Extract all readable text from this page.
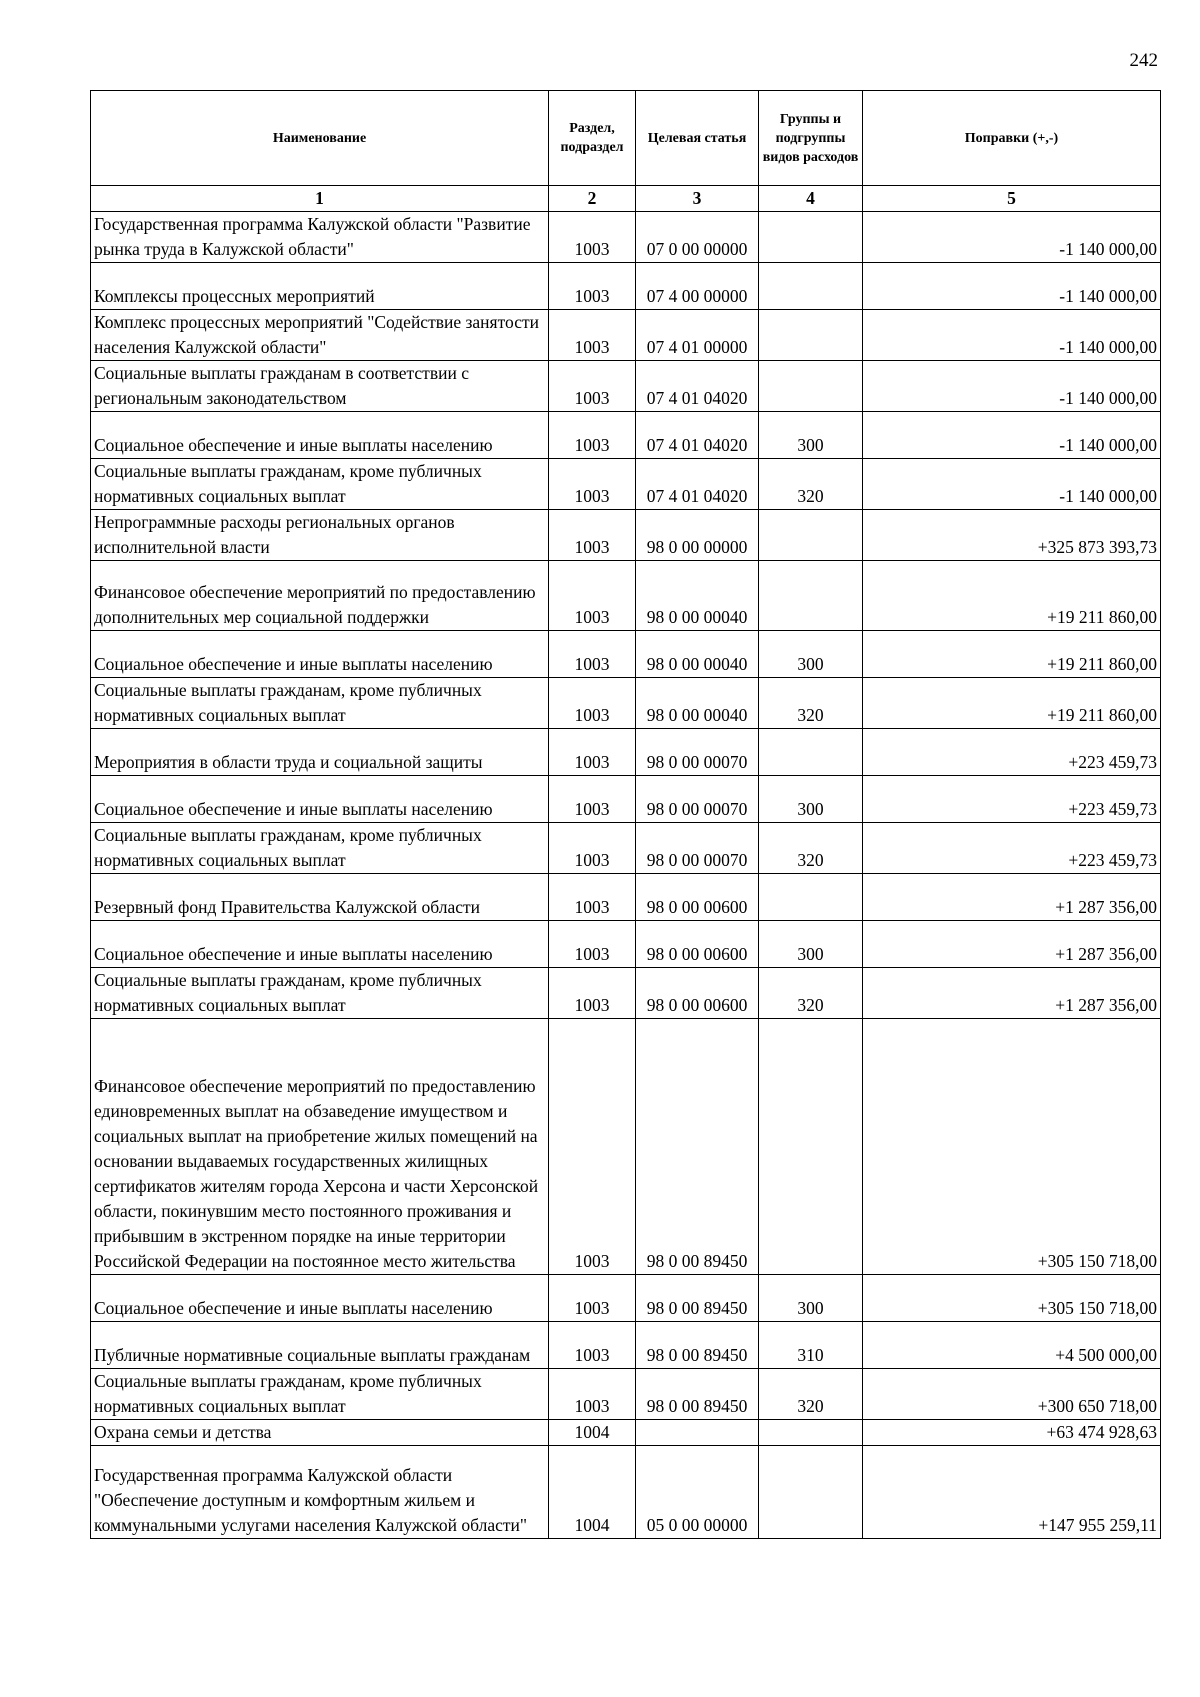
242
Наименование	Раздел, подраздел	Целевая статья	Группы и подгруппы видов расходов	Поправки (+,-)
1	2	3	4	5
Государственная программа Калужской области "Развитие рынка труда в Калужской области"	1003	07 0 00 00000		-1 140 000,00
Комплексы процессных мероприятий	1003	07 4 00 00000		-1 140 000,00
Комплекс процессных мероприятий "Содействие занятости населения Калужской области"	1003	07 4 01 00000		-1 140 000,00
Социальные выплаты гражданам в соответствии с региональным законодательством	1003	07 4 01 04020		-1 140 000,00
Социальное обеспечение и иные выплаты населению	1003	07 4 01 04020	300	-1 140 000,00
Социальные выплаты гражданам, кроме публичных нормативных социальных выплат	1003	07 4 01 04020	320	-1 140 000,00
Непрограммные расходы региональных органов исполнительной власти	1003	98 0 00 00000		+325 873 393,73
Финансовое обеспечение мероприятий по предоставлению дополнительных мер социальной поддержки	1003	98 0 00 00040		+19 211 860,00
Социальное обеспечение и иные выплаты населению	1003	98 0 00 00040	300	+19 211 860,00
Социальные выплаты гражданам, кроме публичных нормативных социальных выплат	1003	98 0 00 00040	320	+19 211 860,00
Мероприятия в области труда и социальной защиты	1003	98 0 00 00070		+223 459,73
Социальное обеспечение и иные выплаты населению	1003	98 0 00 00070	300	+223 459,73
Социальные выплаты гражданам, кроме публичных нормативных социальных выплат	1003	98 0 00 00070	320	+223 459,73
Резервный фонд Правительства Калужской области	1003	98 0 00 00600		+1 287 356,00
Социальное обеспечение и иные выплаты населению	1003	98 0 00 00600	300	+1 287 356,00
Социальные выплаты гражданам, кроме публичных нормативных социальных выплат	1003	98 0 00 00600	320	+1 287 356,00
Финансовое обеспечение мероприятий по предоставлению единовременных выплат на обзаведение имуществом и социальных выплат на приобретение жилых помещений на основании выдаваемых государственных жилищных сертификатов жителям города Херсона и части Херсонской области, покинувшим место постоянного проживания и прибывшим в экстренном порядке на иные территории Российской Федерации на постоянное место жительства	1003	98 0 00 89450		+305 150 718,00
Социальное обеспечение и иные выплаты населению	1003	98 0 00 89450	300	+305 150 718,00
Публичные нормативные социальные выплаты гражданам	1003	98 0 00 89450	310	+4 500 000,00
Социальные выплаты гражданам, кроме публичных нормативных социальных выплат	1003	98 0 00 89450	320	+300 650 718,00
Охрана семьи и детства	1004			+63 474 928,63
Государственная программа Калужской области "Обеспечение доступным и комфортным жильем и коммунальными услугами населения Калужской области"	1004	05 0 00 00000		+147 955 259,11
